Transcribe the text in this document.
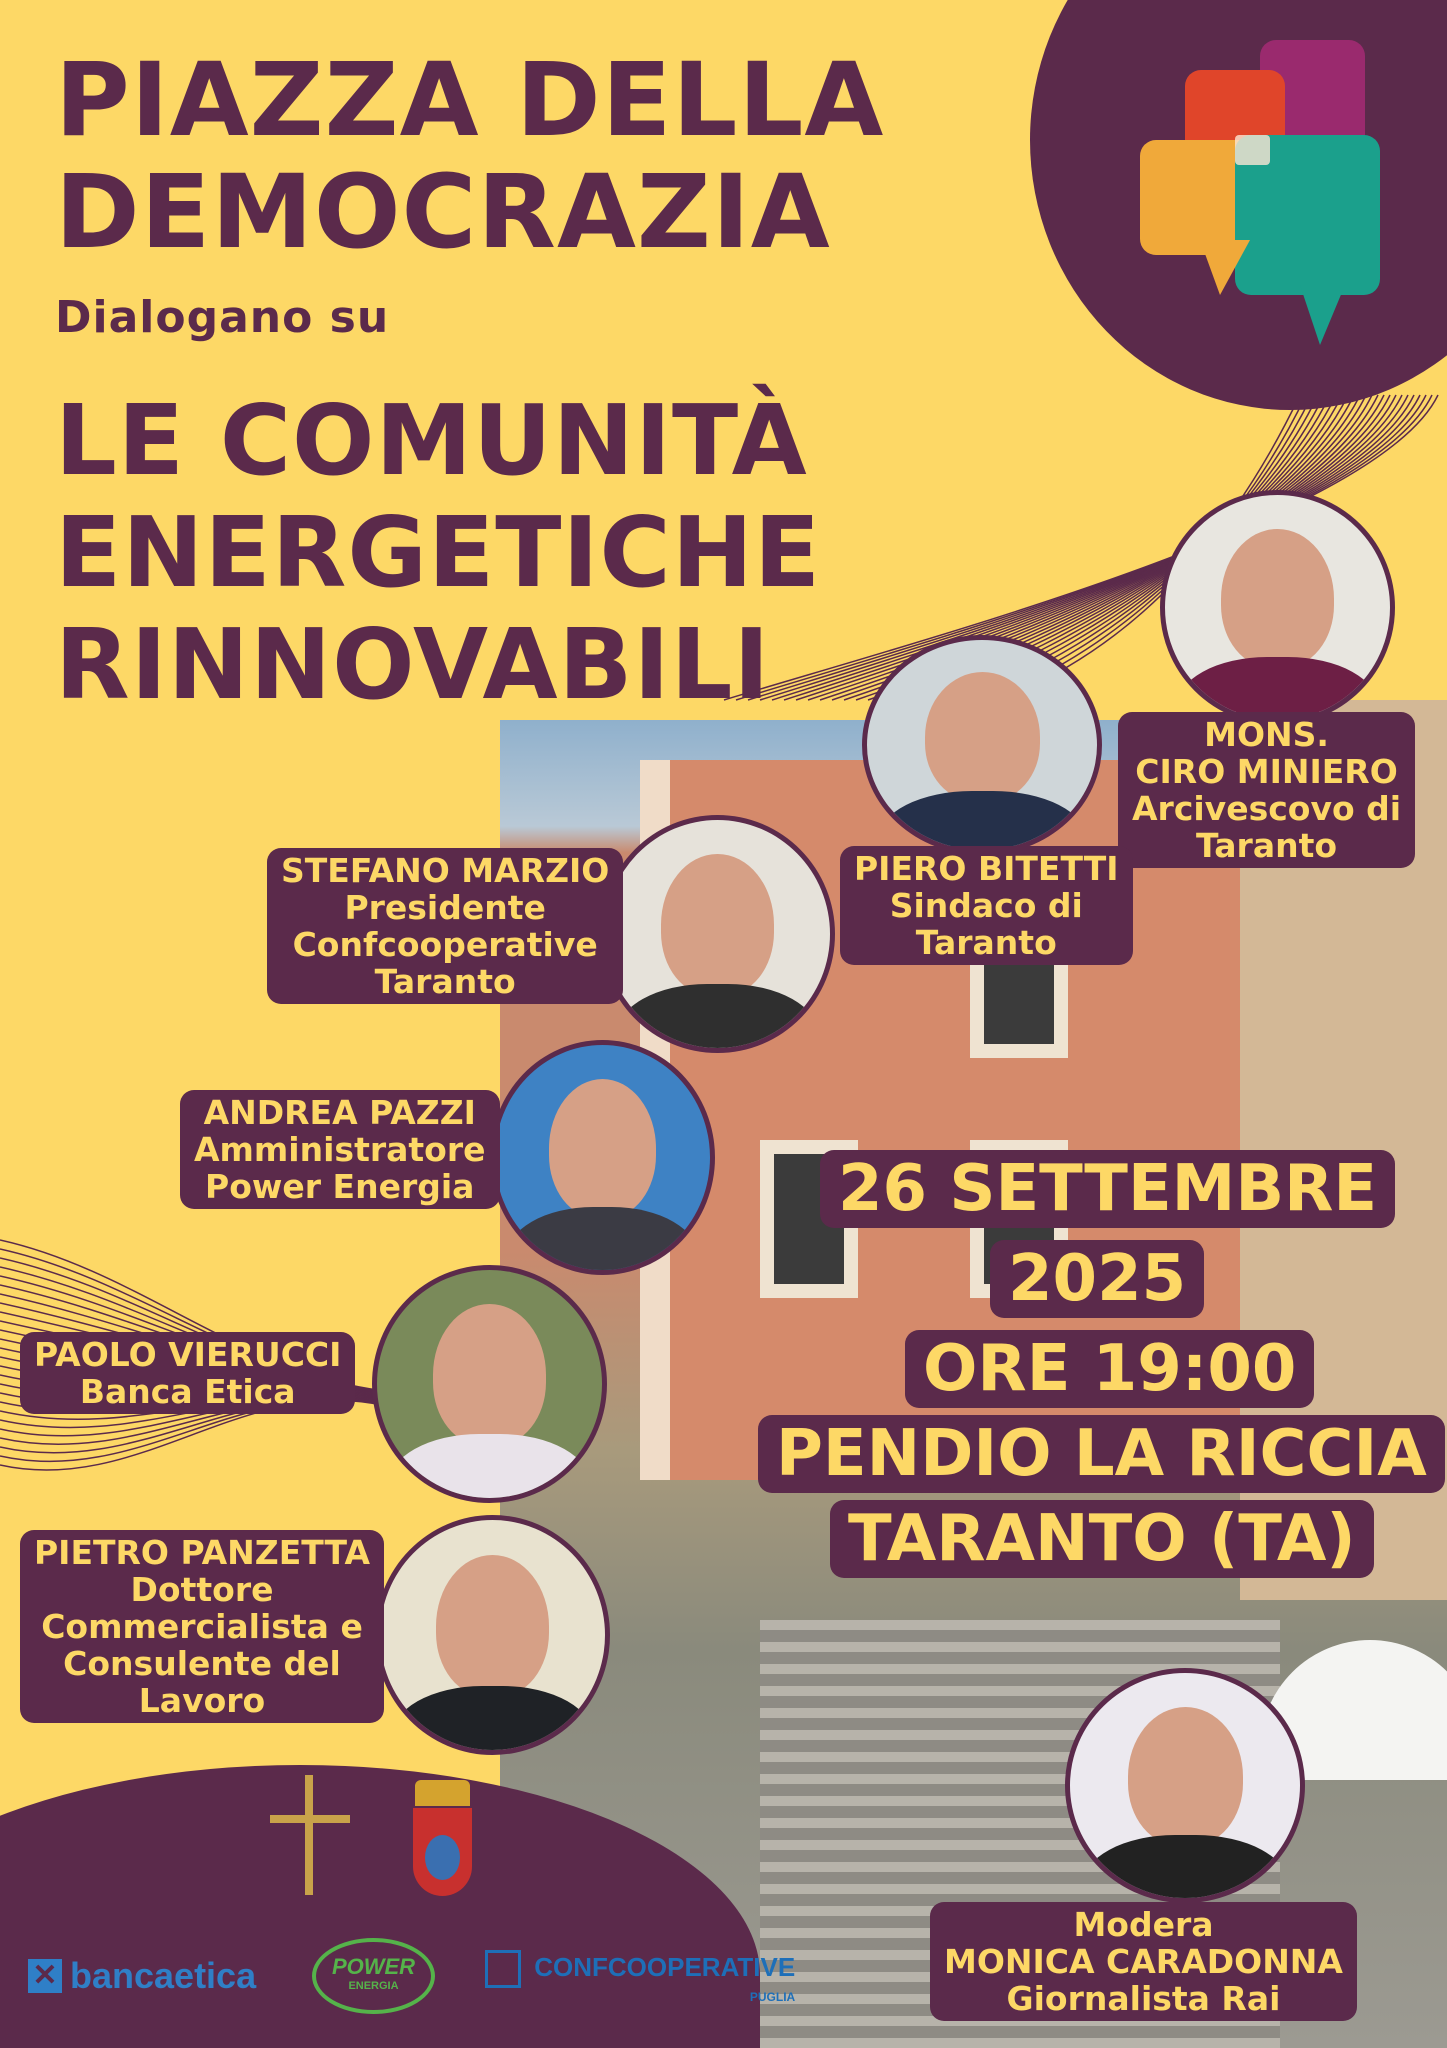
PIAZZA DELLA
DEMOCRAZIA

Dialogano su

LE COMUNITÀ
ENERGETICHE
RINNOVABILI
MONS.
CIRO MINIERO
Arcivescovo di
Taranto
PIERO BITETTI
Sindaco di
Taranto
STEFANO MARZIO
Presidente
Confcooperative
Taranto
ANDREA PAZZI
Amministratore
Power Energia
PAOLO VIERUCCI
Banca Etica
PIETRO PANZETTA
Dottore
Commercialista e
Consulente del
Lavoro
26 SETTEMBRE
2025
ORE 19:00
PENDIO LA RICCIA
TARANTO (TA)
Modera
MONICA CARADONNA
Giornalista Rai
✕ bancaetica	POWER
ENERGIA
CONFCOOPERATIVE
PUGLIA
